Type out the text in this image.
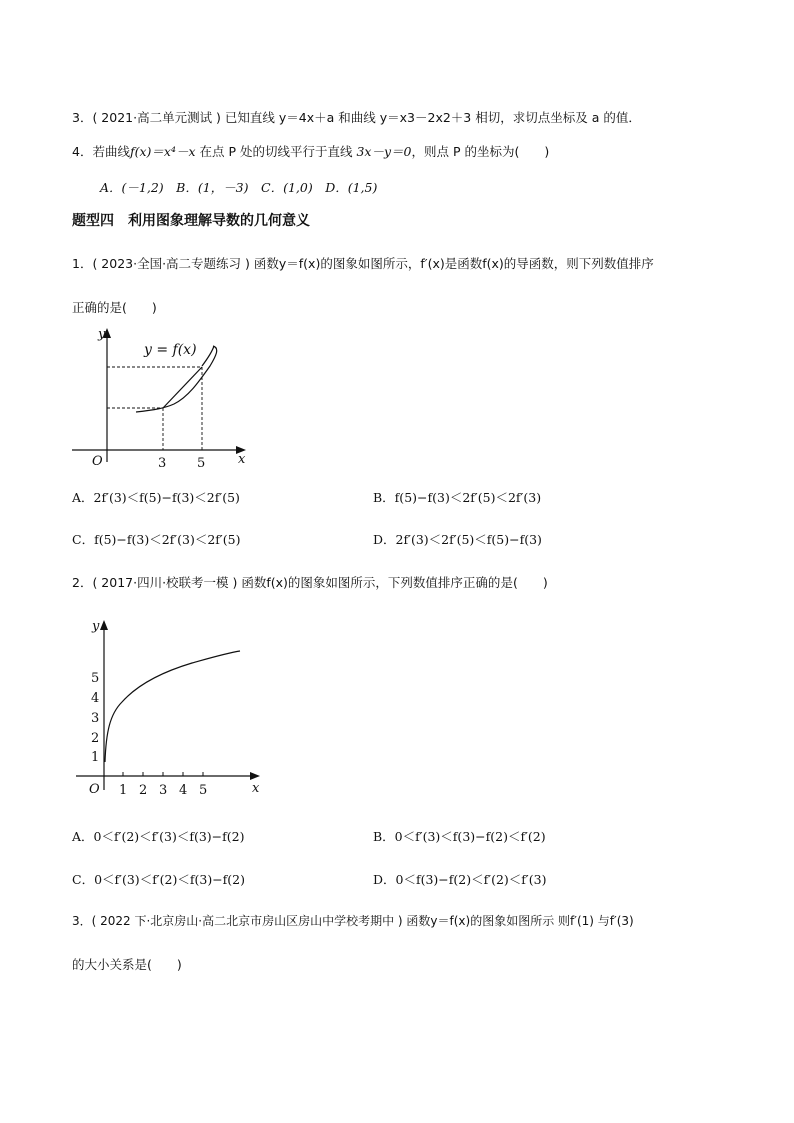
3．( 2021·高二单元测试 ) 已知直线 y＝4x＋a 和曲线 y＝x3－2x2＋3 相切，求切点坐标及 a 的值．
4．若曲线f(x)＝x⁴－x 在点 P 处的切线平行于直线 3x－y＝0，则点 P 的坐标为(　　)
A．(－1,2)　B．(1，－3)　C．(1,0)　D．(1,5)
题型四　利用图象理解导数的几何意义
1．( 2023·全国·高二专题练习 ) 函数y＝f(x)的图象如图所示，f′(x)是函数f(x)的导函数，则下列数值排序
正确的是(　　)
y
x
O
y = f(x)
3 5
A．2f′(3)＜f(5)−f(3)＜2f′(5)	B．f(5)−f(3)＜2f′(5)＜2f′(3)
C．f(5)−f(3)＜2f′(3)＜2f′(5)	D．2f′(3)＜2f′(5)＜f(5)−f(3)
2．( 2017·四川·校联考一模 ) 函数f(x)的图象如图所示，下列数值排序正确的是(　　)
y
x
O 1 2 3 4 5
1
2
3
4
5
A．0＜f′(2)＜f′(3)＜f(3)−f(2)	B．0＜f′(3)＜f(3)−f(2)＜f′(2)
C．0＜f′(3)＜f′(2)＜f(3)−f(2)	D．0＜f(3)−f(2)＜f′(2)＜f′(3)
3．( 2022 下·北京房山·高二北京市房山区房山中学校考期中 ) 函数y＝f(x)的图象如图所示 则f′(1) 与f′(3)
的大小关系是(　　)
